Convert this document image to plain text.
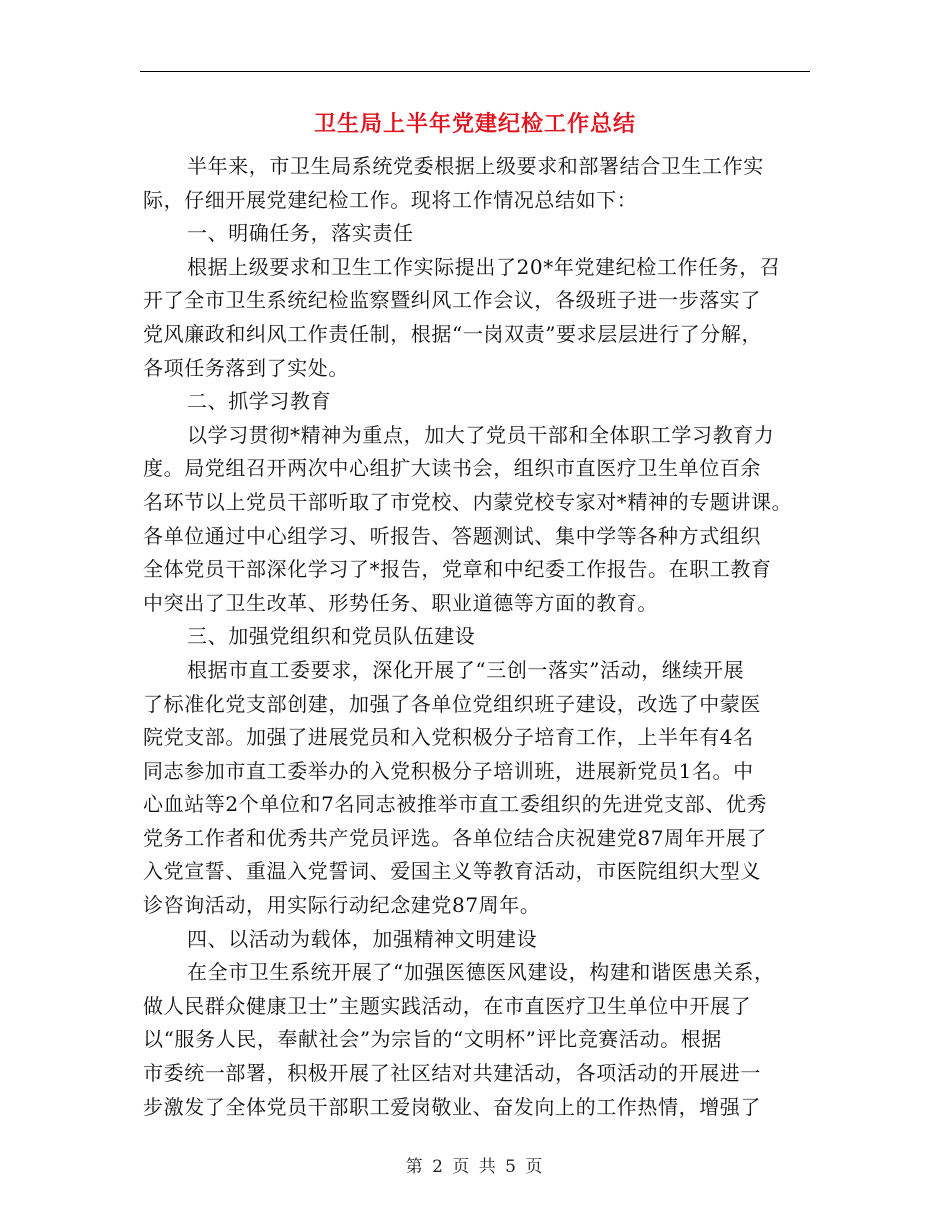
卫生局上半年党建纪检工作总结
半年来，市卫生局系统党委根据上级要求和部署结合卫生工作实
际，仔细开展党建纪检工作。现将工作情况总结如下：
一、明确任务，落实责任
根据上级要求和卫生工作实际提出了20*年党建纪检工作任务，召
开了全市卫生系统纪检监察暨纠风工作会议，各级班子进一步落实了
党风廉政和纠风工作责任制，根据“一岗双责”要求层层进行了分解，
各项任务落到了实处。
二、抓学习教育
以学习贯彻*精神为重点，加大了党员干部和全体职工学习教育力
度。局党组召开两次中心组扩大读书会，组织市直医疗卫生单位百余
名环节以上党员干部听取了市党校、内蒙党校专家对*精神的专题讲课。
各单位通过中心组学习、听报告、答题测试、集中学等各种方式组织
全体党员干部深化学习了*报告，党章和中纪委工作报告。在职工教育
中突出了卫生改革、形势任务、职业道德等方面的教育。
三、加强党组织和党员队伍建设
根据市直工委要求，深化开展了“三创一落实”活动，继续开展
了标准化党支部创建，加强了各单位党组织班子建设，改选了中蒙医
院党支部。加强了进展党员和入党积极分子培育工作，上半年有4名
同志参加市直工委举办的入党积极分子培训班，进展新党员1名。中
心血站等2个单位和7名同志被推举市直工委组织的先进党支部、优秀
党务工作者和优秀共产党员评选。各单位结合庆祝建党87周年开展了
入党宣誓、重温入党誓词、爱国主义等教育活动，市医院组织大型义
诊咨询活动，用实际行动纪念建党87周年。
四、以活动为载体，加强精神文明建设
在全市卫生系统开展了“加强医德医风建设，构建和谐医患关系，
做人民群众健康卫士”主题实践活动，在市直医疗卫生单位中开展了
以“服务人民，奉献社会”为宗旨的“文明杯”评比竞赛活动。根据
市委统一部署，积极开展了社区结对共建活动，各项活动的开展进一
步激发了全体党员干部职工爱岗敬业、奋发向上的工作热情，增强了
第 2 页 共 5 页
